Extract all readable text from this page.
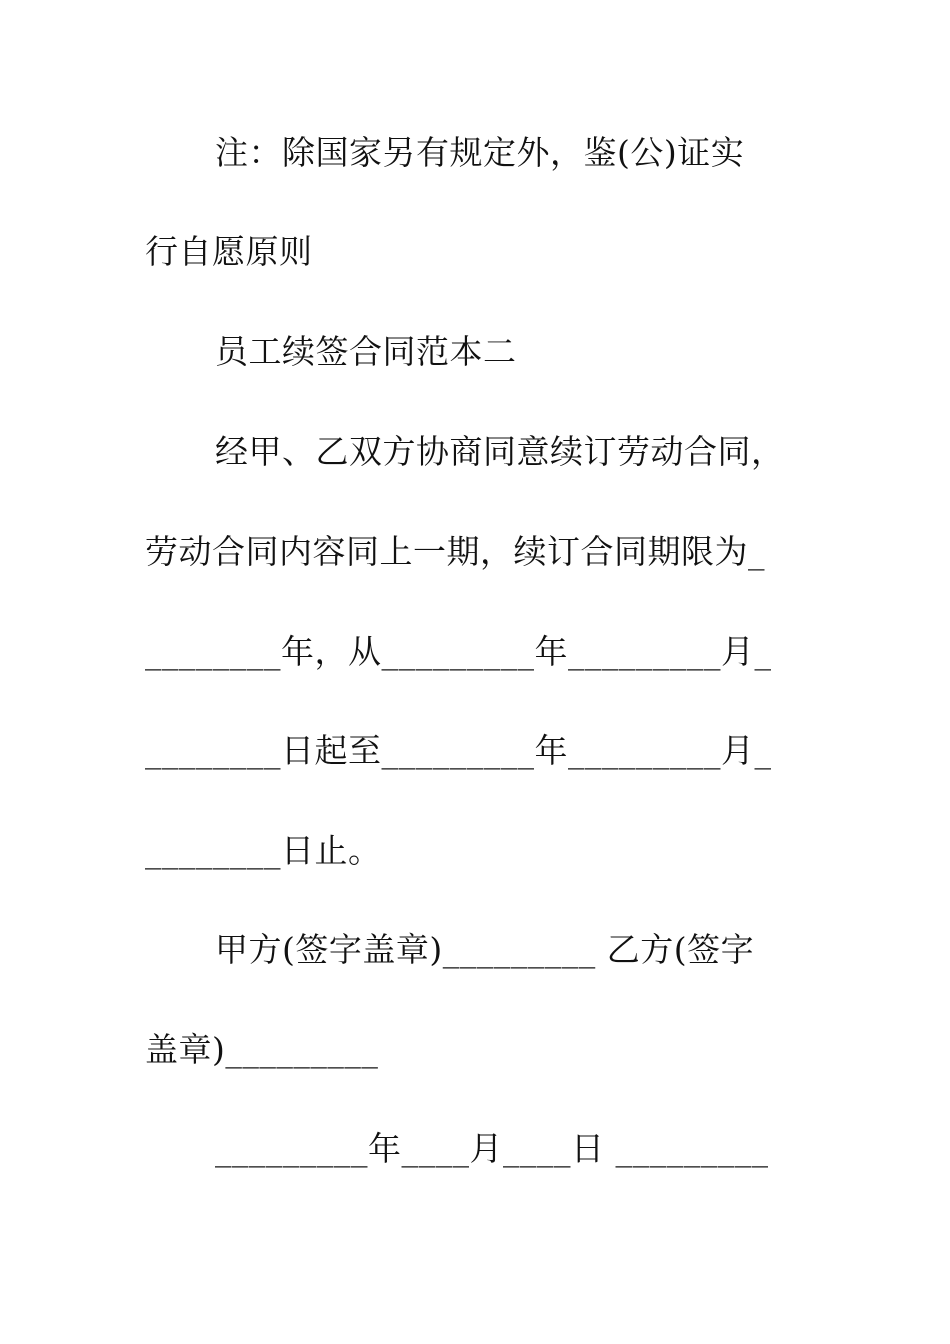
注：除国家另有规定外，鉴(公)证实
行自愿原则
员工续签合同范本二
经甲、乙双方协商同意续订劳动合同，
劳动合同内容同上一期，续订合同期限为_
________年，从_________年_________月_
________日起至_________年_________月_
________日止。
甲方(签字盖章)_________ 乙方(签字
盖章)_________
_________年____月____日 _________
